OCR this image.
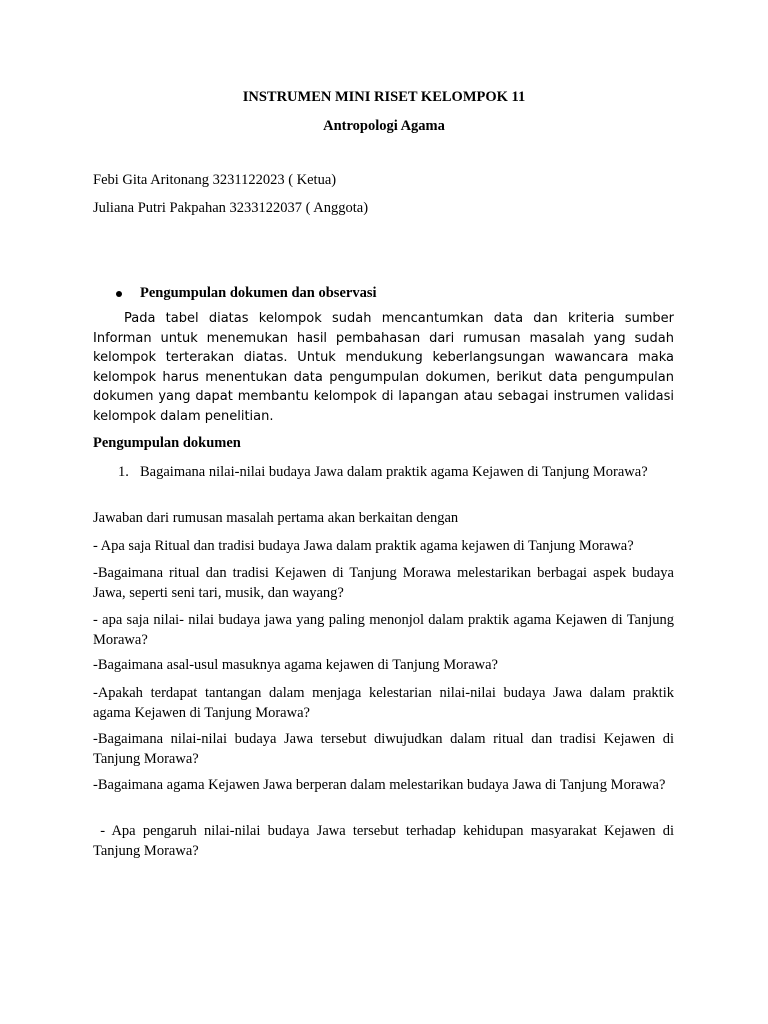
INSTRUMEN MINI RISET KELOMPOK 11
Antropologi Agama
Febi Gita Aritonang 3231122023 ( Ketua)
Juliana Putri Pakpahan 3233122037 ( Anggota)
Pengumpulan dokumen dan observasi
Pada tabel diatas kelompok sudah mencantumkan data dan kriteria sumber Informan untuk menemukan hasil pembahasan dari rumusan masalah yang sudah kelompok terterakan diatas. Untuk mendukung keberlangsungan wawancara maka kelompok harus menentukan data pengumpulan dokumen, berikut data pengumpulan dokumen yang dapat membantu kelompok di lapangan atau sebagai instrumen validasi kelompok dalam penelitian.
Pengumpulan dokumen
1. Bagaimana nilai-nilai budaya Jawa dalam praktik agama Kejawen di Tanjung Morawa?
Jawaban dari rumusan masalah pertama akan berkaitan dengan
- Apa saja Ritual dan tradisi budaya Jawa dalam praktik agama kejawen di Tanjung Morawa?
-Bagaimana ritual dan tradisi Kejawen di Tanjung Morawa melestarikan berbagai aspek budaya Jawa, seperti seni tari, musik, dan wayang?
- apa saja nilai- nilai budaya jawa yang paling menonjol dalam praktik agama Kejawen di Tanjung Morawa?
-Bagaimana asal-usul masuknya agama kejawen di Tanjung Morawa?
-Apakah terdapat tantangan dalam menjaga kelestarian nilai-nilai budaya Jawa dalam praktik agama Kejawen di Tanjung Morawa?
-Bagaimana nilai-nilai budaya Jawa tersebut diwujudkan dalam ritual dan tradisi Kejawen di Tanjung Morawa?
-Bagaimana agama Kejawen Jawa berperan dalam melestarikan budaya Jawa di Tanjung Morawa?
- Apa pengaruh nilai-nilai budaya Jawa tersebut terhadap kehidupan masyarakat Kejawen di Tanjung Morawa?
